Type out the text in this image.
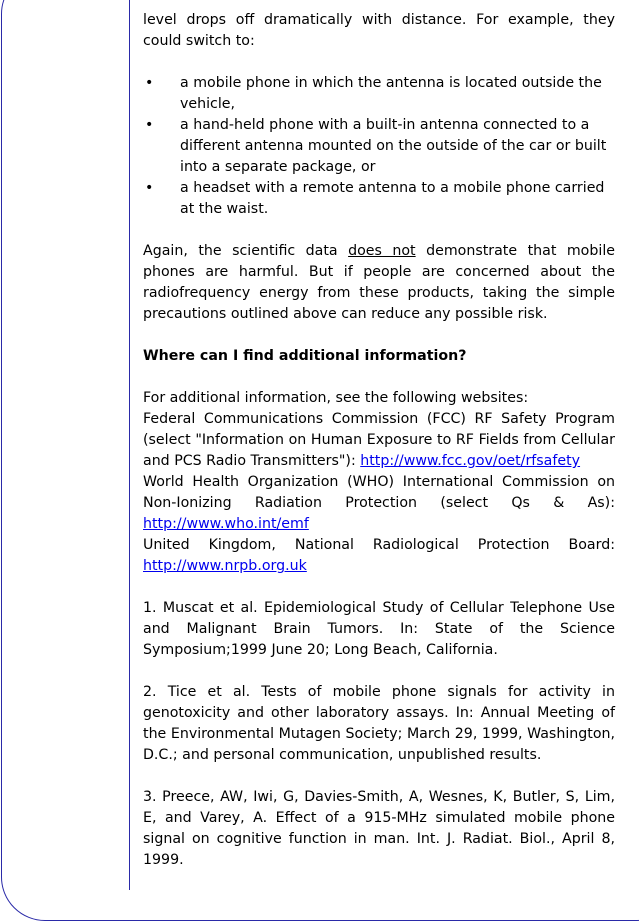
level drops off dramatically with distance. For example, they could switch to:

• a mobile phone in which the antenna is located outside the vehicle,
• a hand-held phone with a built-in antenna connected to a different antenna mounted on the outside of the car or built into a separate package, or
• a headset with a remote antenna to a mobile phone carried at the waist.

Again, the scientific data does not demonstrate that mobile phones are harmful. But if people are concerned about the radiofrequency energy from these products, taking the simple precautions outlined above can reduce any possible risk.

Where can I find additional information?

For additional information, see the following websites:

Federal Communications Commission (FCC) RF Safety Program (select "Information on Human Exposure to RF Fields from Cellular and PCS Radio Transmitters"): http://www.fcc.gov/oet/rfsafety

World Health Organization (WHO) International Commission on Non-Ionizing Radiation Protection (select Qs & As): http://www.who.int/emf

United Kingdom, National Radiological Protection Board: http://www.nrpb.org.uk

1. Muscat et al. Epidemiological Study of Cellular Telephone Use and Malignant Brain Tumors. In: State of the Science Symposium;1999 June 20; Long Beach, California.

2. Tice et al. Tests of mobile phone signals for activity in genotoxicity and other laboratory assays. In: Annual Meeting of the Environmental Mutagen Society; March 29, 1999, Washington, D.C.; and personal communication, unpublished results.

3. Preece, AW, Iwi, G, Davies-Smith, A, Wesnes, K, Butler, S, Lim, E, and Varey, A. Effect of a 915-MHz simulated mobile phone signal on cognitive function in man. Int. J. Radiat. Biol., April 8, 1999.
